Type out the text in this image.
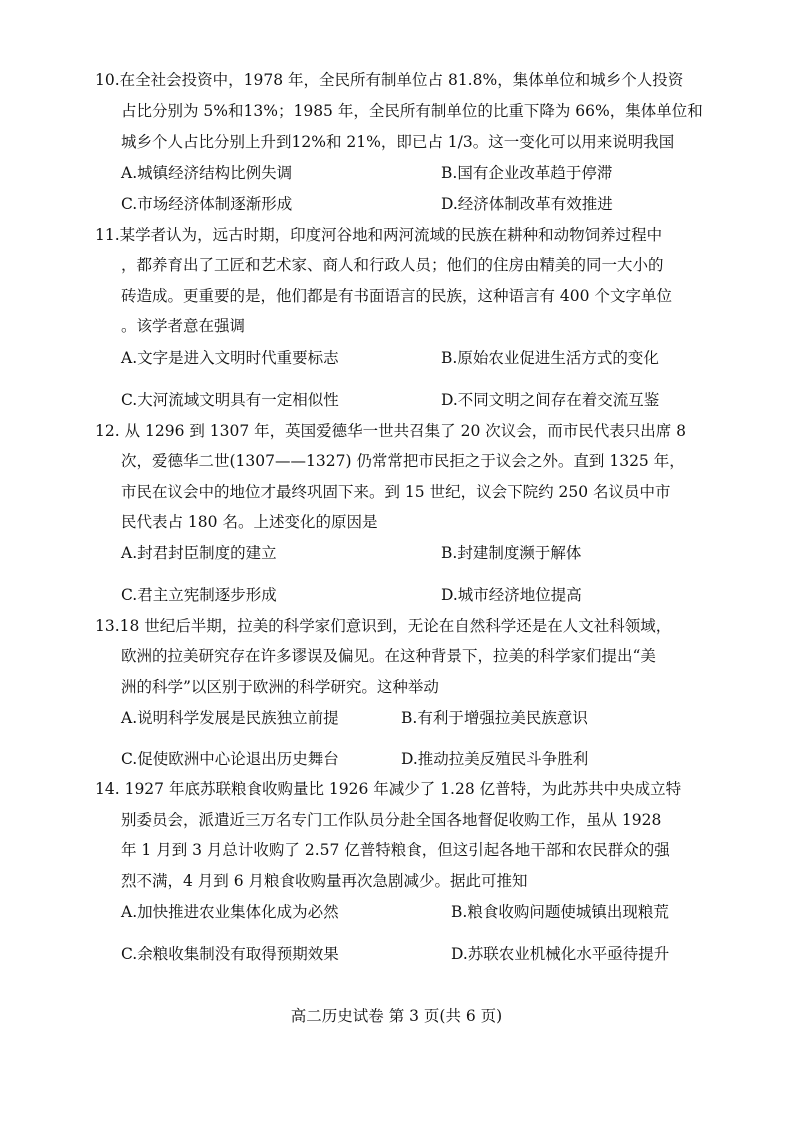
10.在全社会投资中，1978 年，全民所有制单位占 81.8%，集体单位和城乡个人投资
占比分别为 5%和13%；1985 年，全民所有制单位的比重下降为 66%，集体单位和
城乡个人占比分别上升到12%和 21%，即已占 1/3。这一变化可以用来说明我国
A.城镇经济结构比例失调	B.国有企业改革趋于停滞
C.市场经济体制逐渐形成	D.经济体制改革有效推进
11.某学者认为，远古时期，印度河谷地和两河流域的民族在耕种和动物饲养过程中
，都养育出了工匠和艺术家、商人和行政人员；他们的住房由精美的同一大小的
砖造成。更重要的是，他们都是有书面语言的民族，这种语言有 400 个文字单位
。该学者意在强调
A.文字是进入文明时代重要标志	B.原始农业促进生活方式的变化
C.大河流域文明具有一定相似性	D.不同文明之间存在着交流互鉴
12. 从 1296 到 1307 年，英国爱德华一世共召集了 20 次议会，而市民代表只出席 8
次，爱德华二世(1307——1327) 仍常常把市民拒之于议会之外。直到 1325 年，
市民在议会中的地位才最终巩固下来。到 15 世纪，议会下院约 250 名议员中市
民代表占 180 名。上述变化的原因是
A.封君封臣制度的建立	B.封建制度濒于解体
C.君主立宪制逐步形成	D.城市经济地位提高
13.18 世纪后半期，拉美的科学家们意识到，无论在自然科学还是在人文社科领域，
欧洲的拉美研究存在许多谬误及偏见。在这种背景下，拉美的科学家们提出“美
洲的科学”以区别于欧洲的科学研究。这种举动
A.说明科学发展是民族独立前提	B.有利于增强拉美民族意识
C.促使欧洲中心论退出历史舞台	D.推动拉美反殖民斗争胜利
14. 1927 年底苏联粮食收购量比 1926 年减少了 1.28 亿普特，为此苏共中央成立特
别委员会，派遣近三万名专门工作队员分赴全国各地督促收购工作，虽从 1928
年 1 月到 3 月总计收购了 2.57 亿普特粮食，但这引起各地干部和农民群众的强
烈不满，4 月到 6 月粮食收购量再次急剧减少。据此可推知
A.加快推进农业集体化成为必然	B.粮食收购问题使城镇出现粮荒
C.余粮收集制没有取得预期效果	D.苏联农业机械化水平亟待提升
高二历史试卷 第 3 页(共 6 页)
